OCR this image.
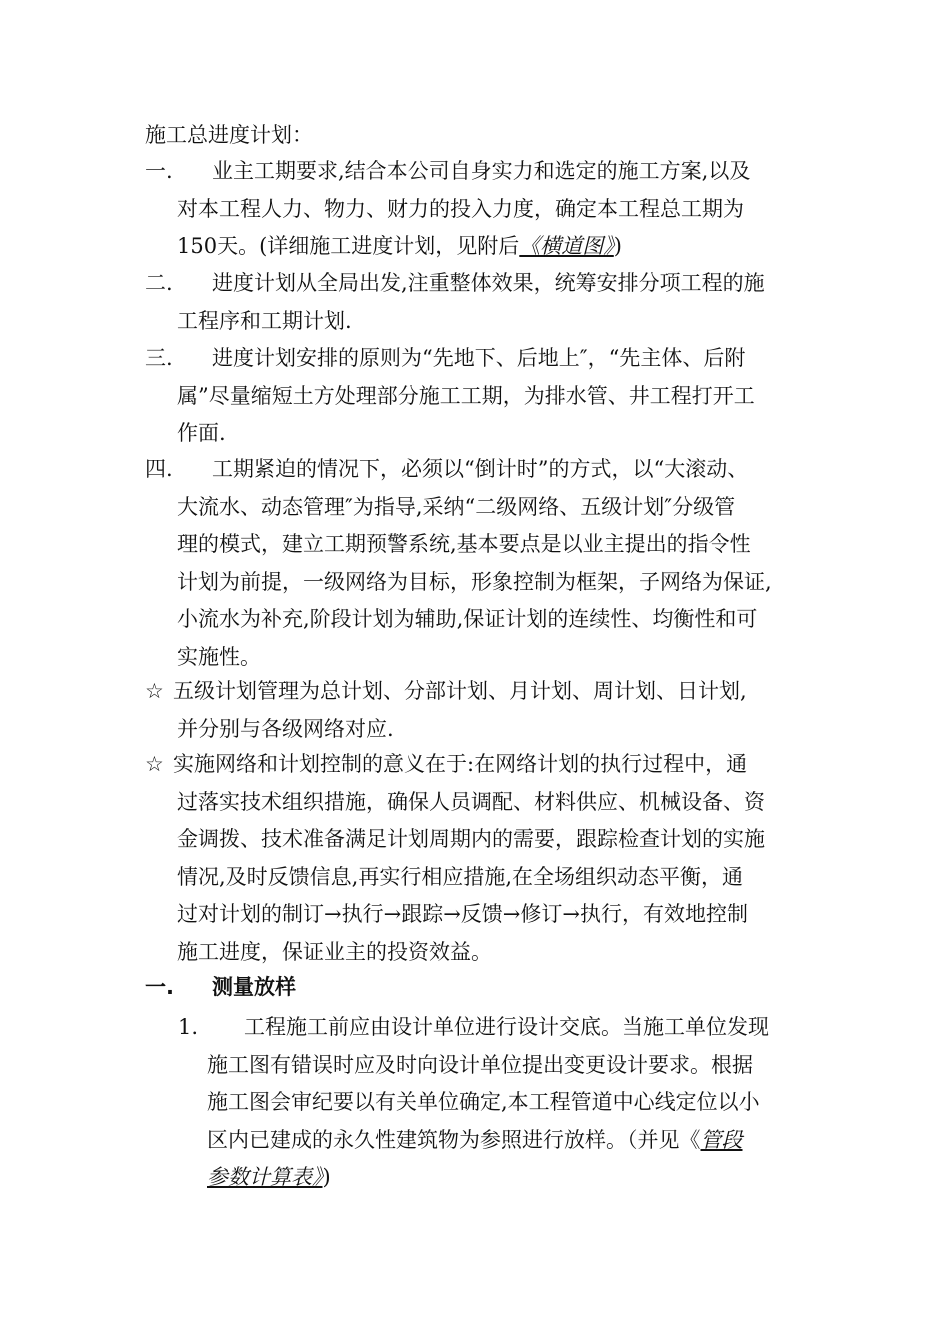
施工总进度计划：
一.	业主工期要求,结合本公司自身实力和选定的施工方案,以及
对本工程人力、物力、财力的投入力度，确定本工程总工期为
150天。(详细施工进度计划，见附后《横道图》)
二.	进度计划从全局出发,注重整体效果，统筹安排分项工程的施
工程序和工期计划.
三.	进度计划安排的原则为“先地下、后地上″，“先主体、后附
属”尽量缩短土方处理部分施工工期，为排水管、井工程打开工
作面.
四.	工期紧迫的情况下，必须以“倒计时”的方式，以“大滚动、
大流水、动态管理″为指导,采纳“二级网络、五级计划″分级管
理的模式，建立工期预警系统,基本要点是以业主提出的指令性
计划为前提，一级网络为目标，形象控制为框架，子网络为保证,
小流水为补充,阶段计划为辅助,保证计划的连续性、均衡性和可
实施性。
☆ 五级计划管理为总计划、分部计划、月计划、周计划、日计划,
并分别与各级网络对应.
☆ 实施网络和计划控制的意义在于:在网络计划的执行过程中，通
过落实技术组织措施，确保人员调配、材料供应、机械设备、资
金调拨、技术准备满足计划周期内的需要，跟踪检查计划的实施
情况,及时反馈信息,再实行相应措施,在全场组织动态平衡，通
过对计划的制订→执行→跟踪→反馈→修订→执行，有效地控制
施工进度，保证业主的投资效益。
一. 测量放样
1.	工程施工前应由设计单位进行设计交底。当施工单位发现
施工图有错误时应及时向设计单位提出变更设计要求。根据
施工图会审纪要以有关单位确定,本工程管道中心线定位以小
区内已建成的永久性建筑物为参照进行放样。（并见《管段
参数计算表》)
